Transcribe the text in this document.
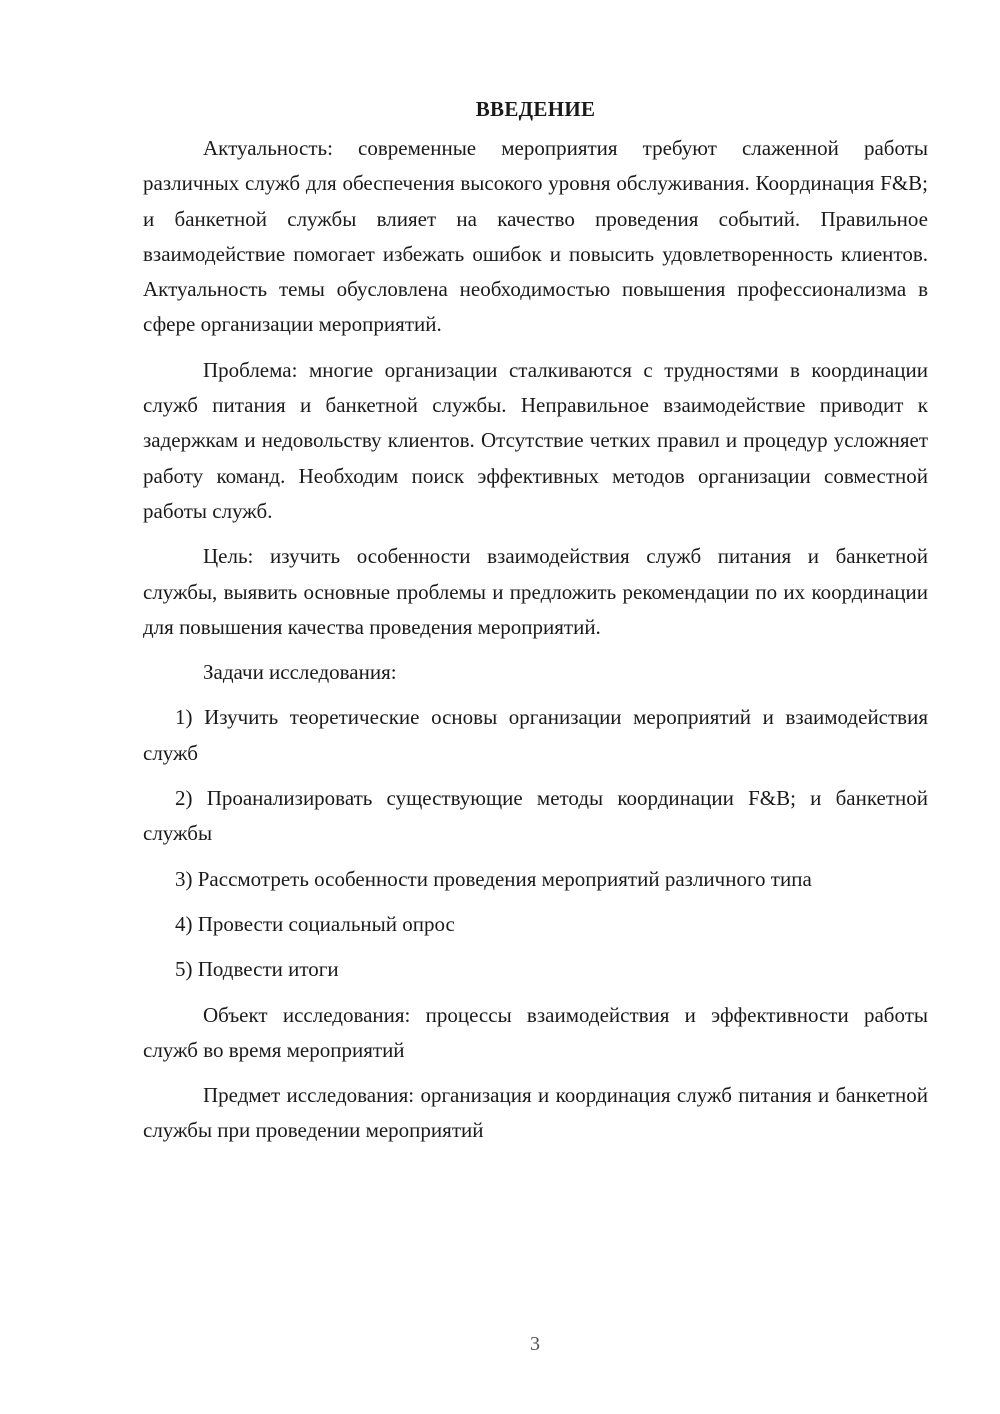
ВВЕДЕНИЕ

Актуальность: современные мероприятия требуют слаженной работы различных служб для обеспечения высокого уровня обслуживания. Координация F&B; и банкетной службы влияет на качество проведения событий. Правильное взаимодействие помогает избежать ошибок и повысить удовлетворенность клиентов. Актуальность темы обусловлена необходимостью повышения профессионализма в сфере организации мероприятий.

Проблема: многие организации сталкиваются с трудностями в координации служб питания и банкетной службы. Неправильное взаимодействие приводит к задержкам и недовольству клиентов. Отсутствие четких правил и процедур усложняет работу команд. Необходим поиск эффективных методов организации совместной работы служб.

Цель: изучить особенности взаимодействия служб питания и банкетной службы, выявить основные проблемы и предложить рекомендации по их координации для повышения качества проведения мероприятий.

Задачи исследования:

1) Изучить теоретические основы организации мероприятий и взаимодействия служб

2) Проанализировать существующие методы координации F&B; и банкетной службы

3) Рассмотреть особенности проведения мероприятий различного типа

4) Провести социальный опрос

5) Подвести итоги

Объект исследования: процессы взаимодействия и эффективности работы служб во время мероприятий

Предмет исследования: организация и координация служб питания и банкетной службы при проведении мероприятий

3
